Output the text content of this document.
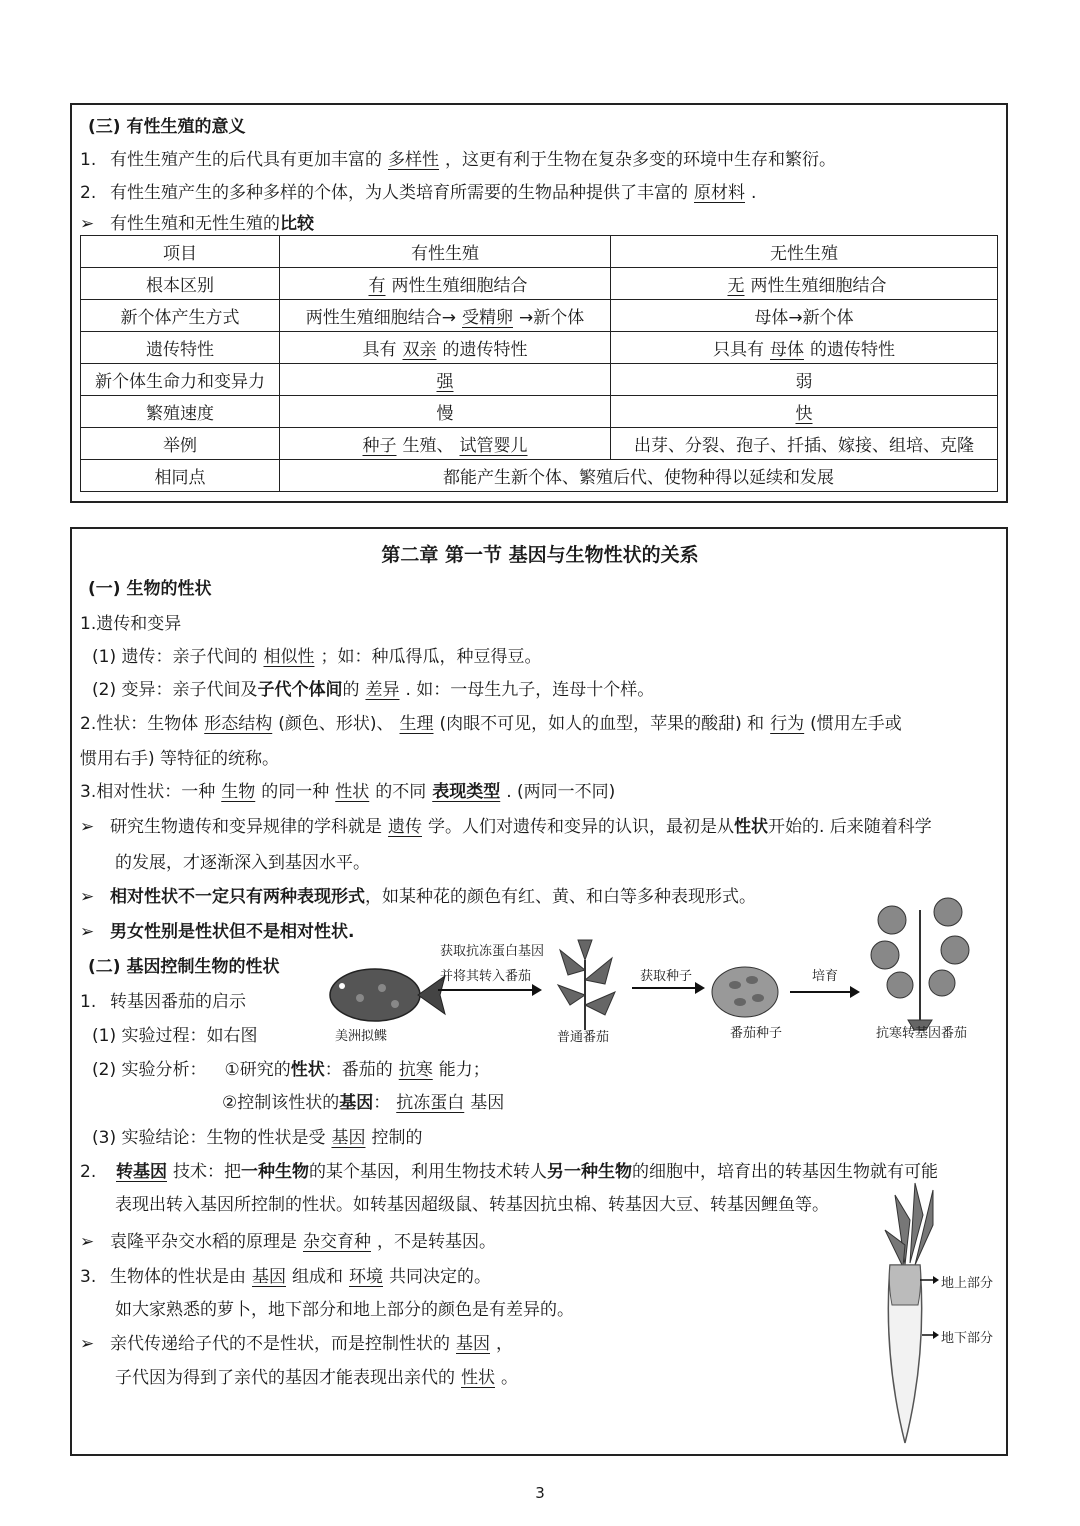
(三) 有性生殖的意义
1. 有性生殖产生的后代具有更加丰富的 多样性 ，这更有利于生物在复杂多变的环境中生存和繁衍。
2. 有性生殖产生的多种多样的个体，为人类培育所需要的生物品种提供了丰富的 原材料 .
➢ 有性生殖和无性生殖的比较
项目	有性生殖	无性生殖
根本区别	有 两性生殖细胞结合	无 两性生殖细胞结合
新个体产生方式	两性生殖细胞结合→ 受精卵 →新个体	母体→新个体
遗传特性	具有 双亲 的遗传特性	只具有 母体 的遗传特性
新个体生命力和变异力	强	弱
繁殖速度	慢	快
举例	种子 生殖、 试管婴儿	出芽、分裂、孢子、扦插、嫁接、组培、克隆
相同点	都能产生新个体、繁殖后代、使物种得以延续和发展	
第二章 第一节 基因与生物性状的关系
(一) 生物的性状
1.遗传和变异
(1) 遗传：亲子代间的 相似性 ；如：种瓜得瓜，种豆得豆。
(2) 变异：亲子代间及子代个体间的 差异 . 如：一母生九子，连母十个样。
2.性状：生物体 形态结构 (颜色、形状)、 生理 (肉眼不可见，如人的血型，苹果的酸甜) 和 行为 (惯用左手或
惯用右手) 等特征的统称。
3.相对性状：一种 生物 的同一种 性状 的不同 表现类型 . (两同一不同)
➢ 研究生物遗传和变异规律的学科就是 遗传 学。人们对遗传和变异的认识，最初是从性状开始的. 后来随着科学
的发展，才逐渐深入到基因水平。
➢ 相对性状不一定只有两种表现形式，如某种花的颜色有红、黄、和白等多种表现形式。
➢ 男女性别是性状但不是相对性状.
(二) 基因控制生物的性状
1. 转基因番茄的启示
(1) 实验过程：如右图
(2) 实验分析： ①研究的性状：番茄的 抗寒 能力；
②控制该性状的基因： 抗冻蛋白 基因
(3) 实验结论：生物的性状是受 基因 控制的
2. 转基因 技术：把一种生物的某个基因，利用生物技术转人另一种生物的细胞中，培育出的转基因生物就有可能
表现出转入基因所控制的性状。如转基因超级鼠、转基因抗虫棉、转基因大豆、转基因鲤鱼等。
➢ 袁隆平杂交水稻的原理是 杂交育种 ，不是转基因。
3. 生物体的性状是由 基因 组成和 环境 共同决定的。
如大家熟悉的萝卜，地下部分和地上部分的颜色是有差异的。
➢ 亲代传递给子代的不是性状，而是控制性状的 基因 ，
子代因为得到了亲代的基因才能表现出亲代的 性状 。
获取抗冻蛋白基因
并将其转入番茄	获取种子	培育
美洲拟鲽	普通番茄	番茄种子	抗寒转基因番茄
地上部分
地下部分
3
